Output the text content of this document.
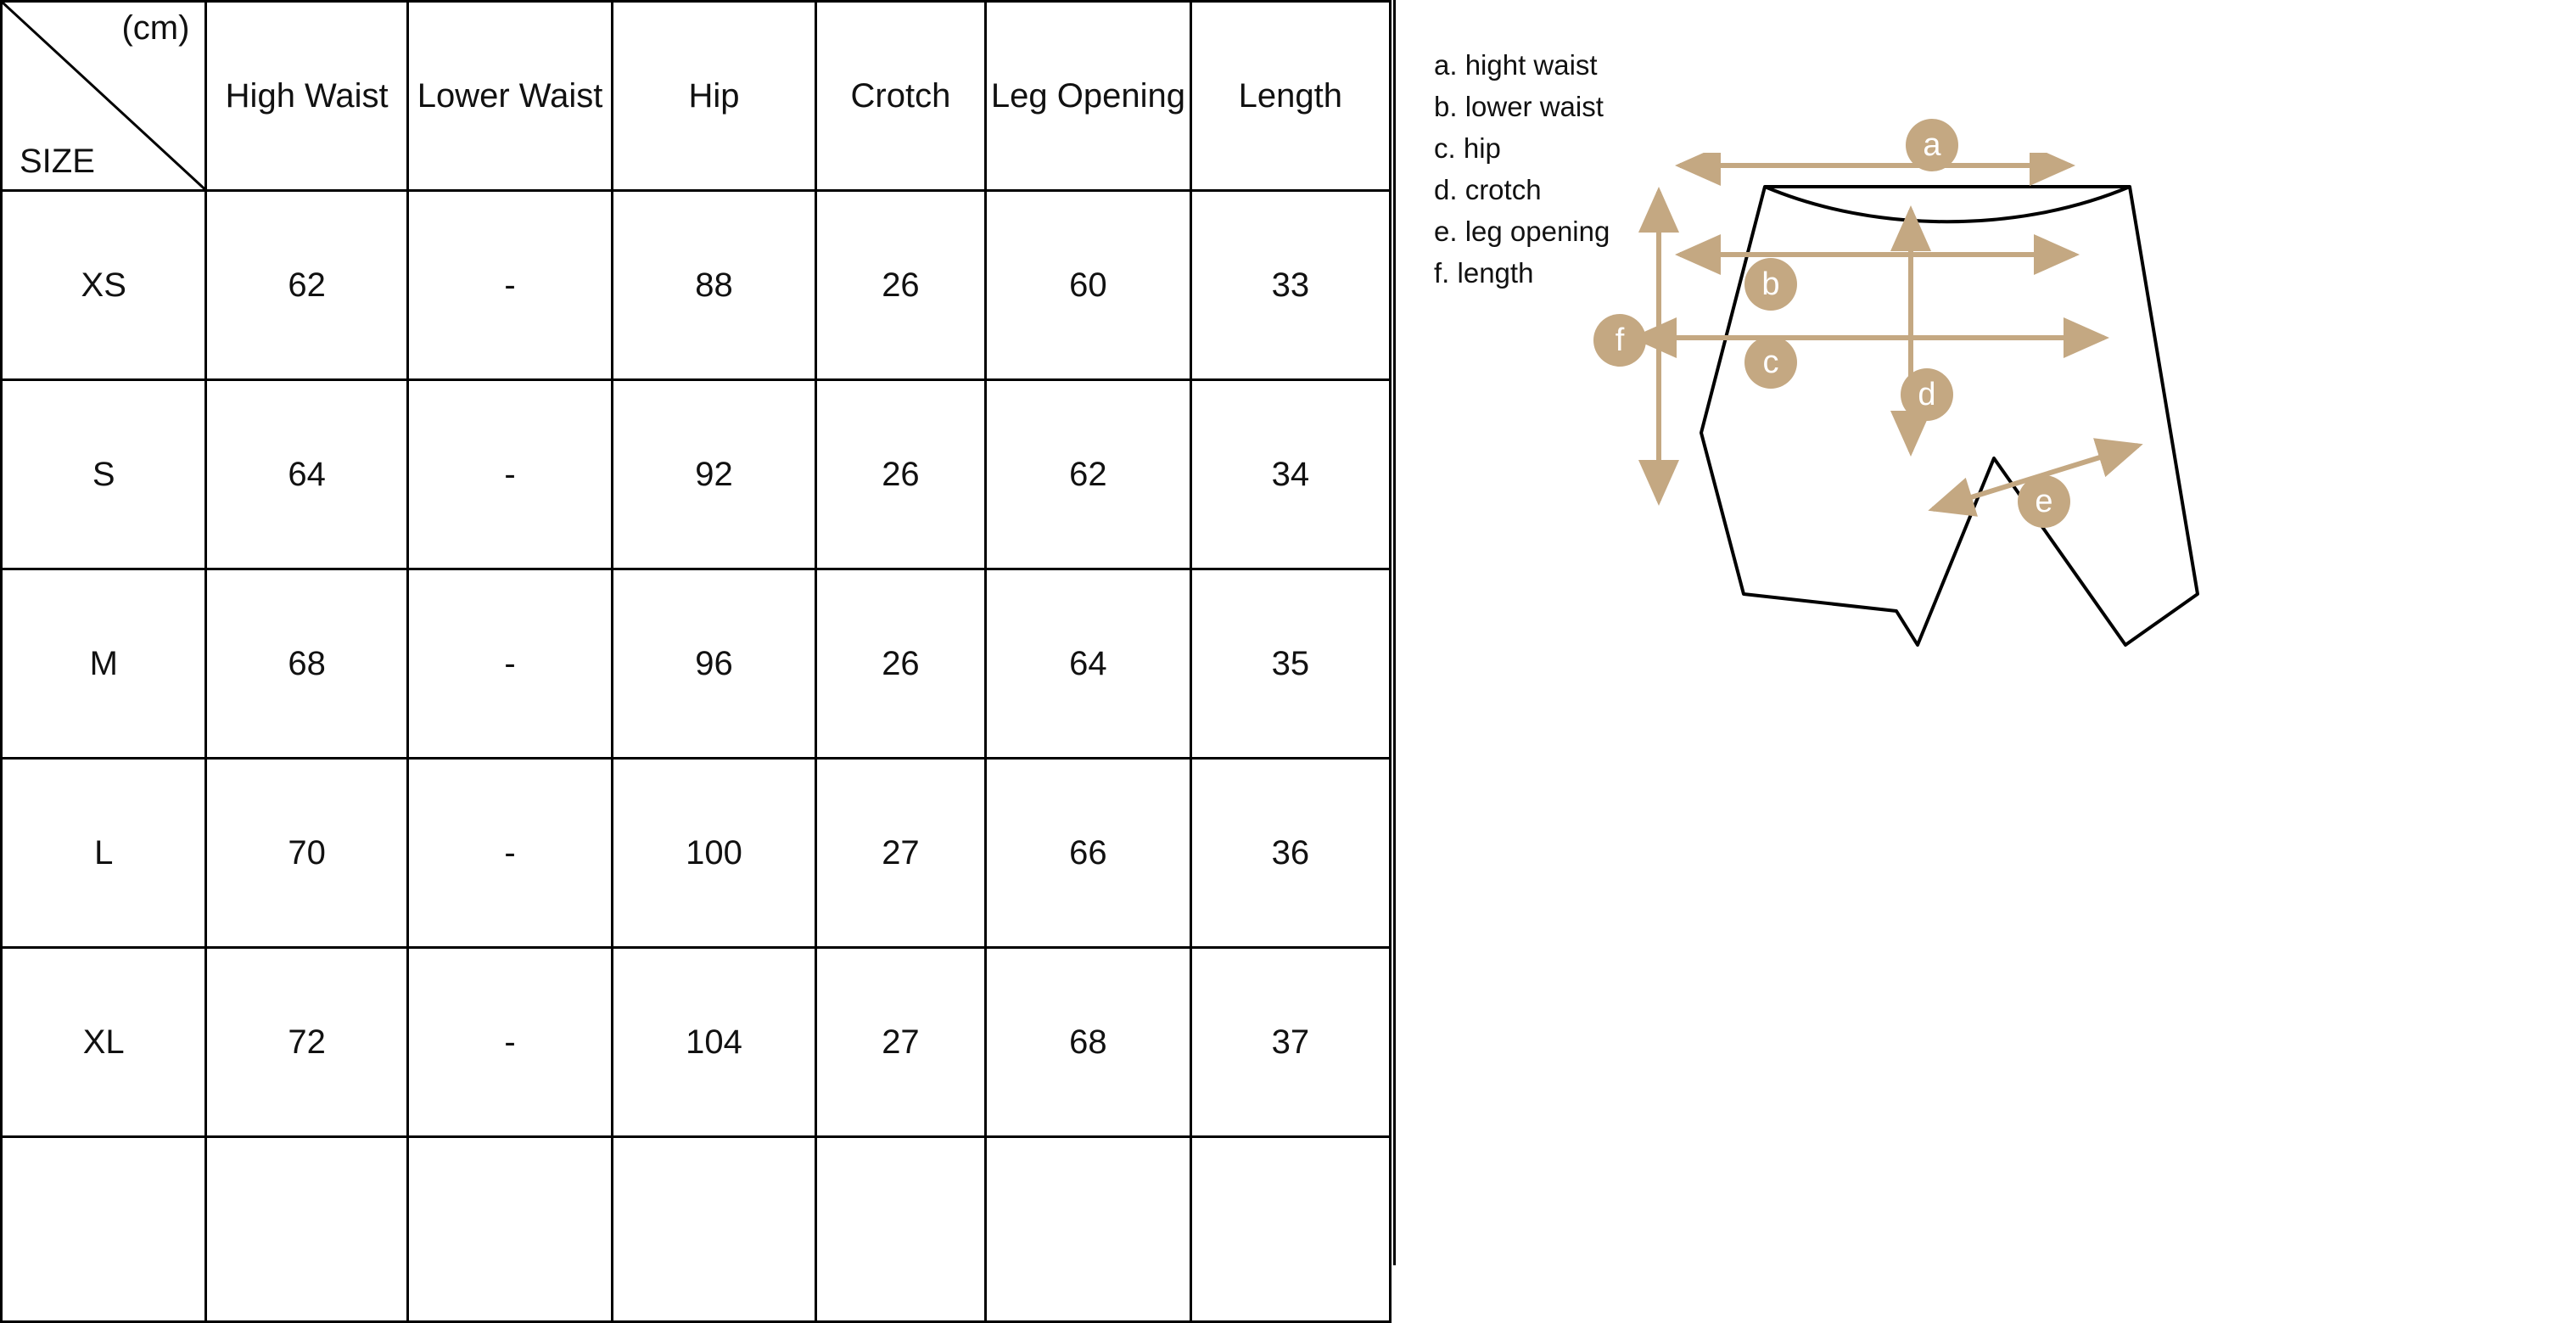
(cm)
SIZE	High Waist	Lower Waist	Hip	Crotch	Leg Opening	Length
XS	62	-	88	26	60	33
S	64	-	92	26	62	34
M	68	-	96	26	64	35
L	70	-	100	27	66	36
XL	72	-	104	27	68	37

a. hight waist
b. lower waist
c. hip
d. crotch
e. leg opening
f. length
a
b
c
d
e
f
